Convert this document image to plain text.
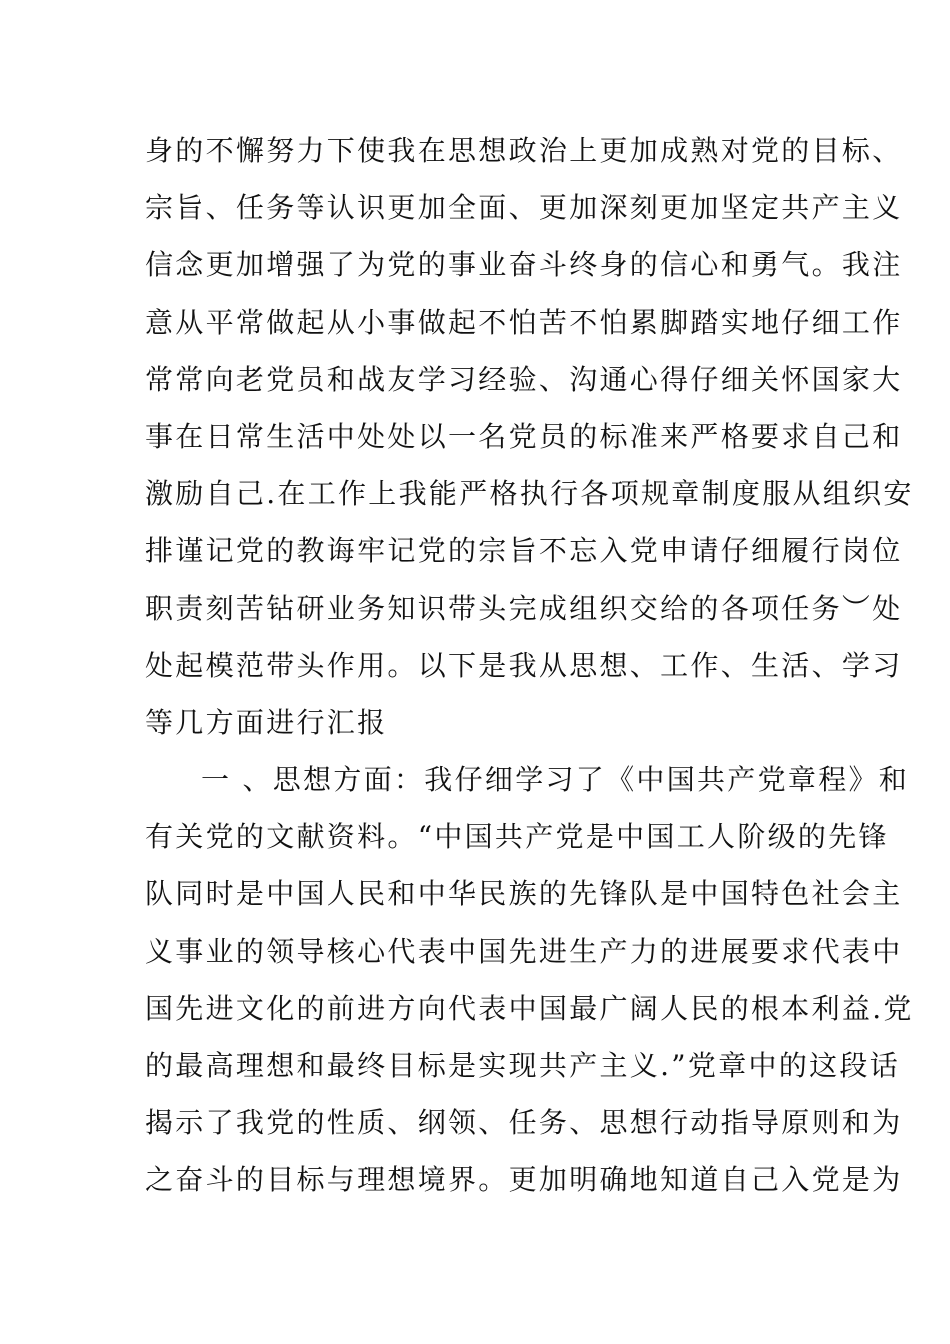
身的不懈努力下使我在思想政治上更加成熟对党的目标、
宗旨、任务等认识更加全面、更加深刻更加坚定共产主义
信念更加增强了为党的事业奋斗终身的信心和勇气。我注
意从平常做起从小事做起不怕苦不怕累脚踏实地仔细工作
常常向老党员和战友学习经验、沟通心得仔细关怀国家大
事在日常生活中处处以一名党员的标准来严格要求自己和
激励自己.在工作上我能严格执行各项规章制度服从组织安
排谨记党的教诲牢记党的宗旨不忘入党申请仔细履行岗位
职责刻苦钻研业务知识带头完成组织交给的各项任务︶处
处起模范带头作用。以下是我从思想、工作、生活、学习
等几方面进行汇报
一 、思想方面：我仔细学习了《中国共产党章程》和
有关党的文献资料。“中国共产党是中国工人阶级的先锋
队同时是中国人民和中华民族的先锋队是中国特色社会主
义事业的领导核心代表中国先进生产力的进展要求代表中
国先进文化的前进方向代表中国最广阔人民的根本利益.党
的最高理想和最终目标是实现共产主义.”党章中的这段话
揭示了我党的性质、纲领、任务、思想行动指导原则和为
之奋斗的目标与理想境界。更加明确地知道自己入党是为
